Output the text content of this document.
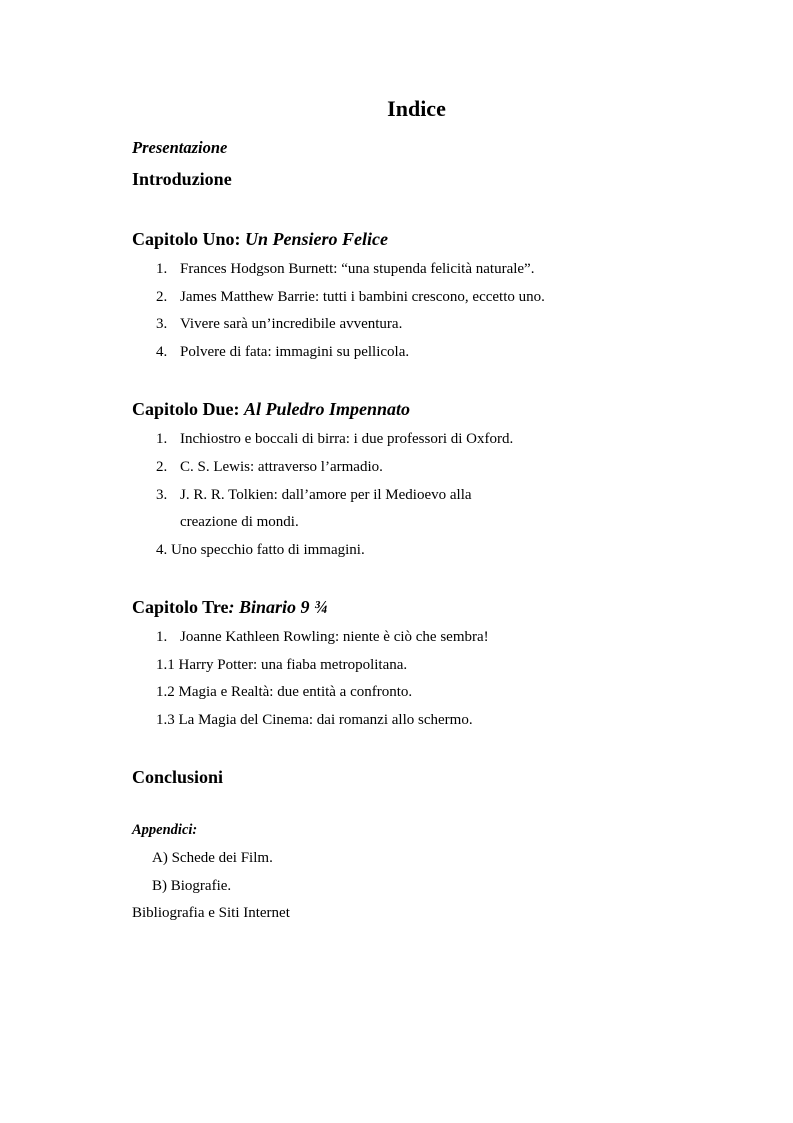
Indice
Presentazione
Introduzione
Capitolo Uno: Un Pensiero Felice
1. Frances Hodgson Burnett: “una stupenda felicità naturale”.
2. James Matthew Barrie: tutti i bambini crescono, eccetto uno.
3. Vivere sarà un’incredibile avventura.
4. Polvere di fata: immagini su pellicola.
Capitolo Due: Al Puledro Impennato
1. Inchiostro e boccali di birra: i due professori di Oxford.
2. C. S. Lewis: attraverso l’armadio.
3. J. R. R. Tolkien: dall’amore per il Medioevo alla
creazione di mondi.
4. Uno specchio fatto di immagini.
Capitolo Tre: Binario 9 ¾
1. Joanne Kathleen Rowling: niente è ciò che sembra!
1.1 Harry Potter: una fiaba metropolitana.
1.2 Magia e Realtà: due entità a confronto.
1.3 La Magia del Cinema: dai romanzi allo schermo.
Conclusioni
Appendici:
A) Schede dei Film.
B) Biografie.
Bibliografia e Siti Internet
